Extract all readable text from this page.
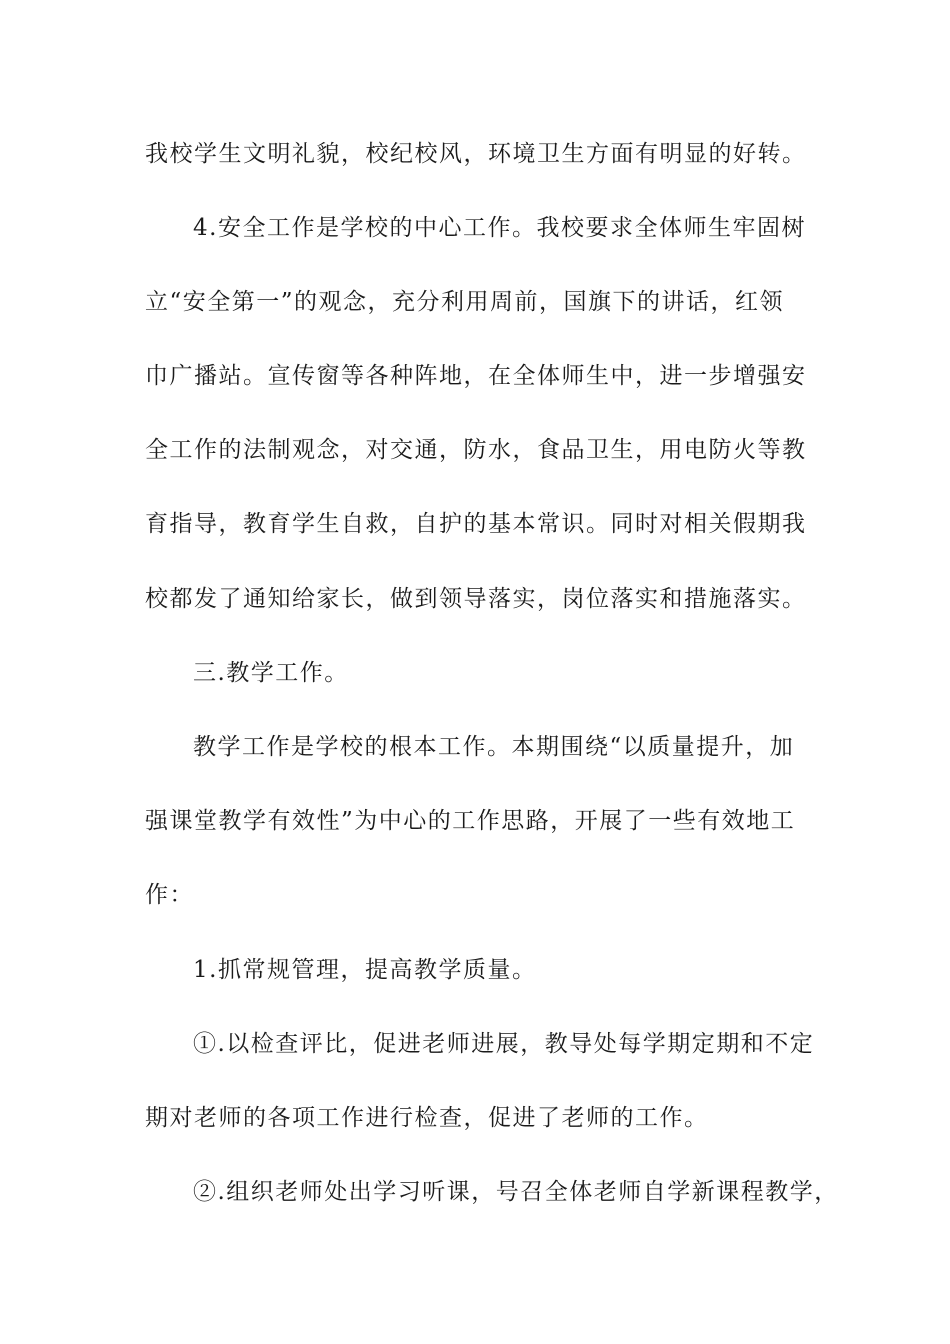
我校学生文明礼貌，校纪校风，环境卫生方面有明显的好转。
4.安全工作是学校的中心工作。我校要求全体师生牢固树
立“安全第一”的观念，充分利用周前，国旗下的讲话，红领
巾广播站。宣传窗等各种阵地，在全体师生中，进一步增强安
全工作的法制观念，对交通，防水，食品卫生，用电防火等教
育指导，教育学生自救，自护的基本常识。同时对相关假期我
校都发了通知给家长，做到领导落实，岗位落实和措施落实。
三.教学工作。
教学工作是学校的根本工作。本期围绕“以质量提升，加
强课堂教学有效性”为中心的工作思路，开展了一些有效地工
作：
1.抓常规管理，提高教学质量。
①.以检查评比，促进老师进展，教导处每学期定期和不定
期对老师的各项工作进行检查，促进了老师的工作。
②.组织老师处出学习听课，号召全体老师自学新课程教学，
